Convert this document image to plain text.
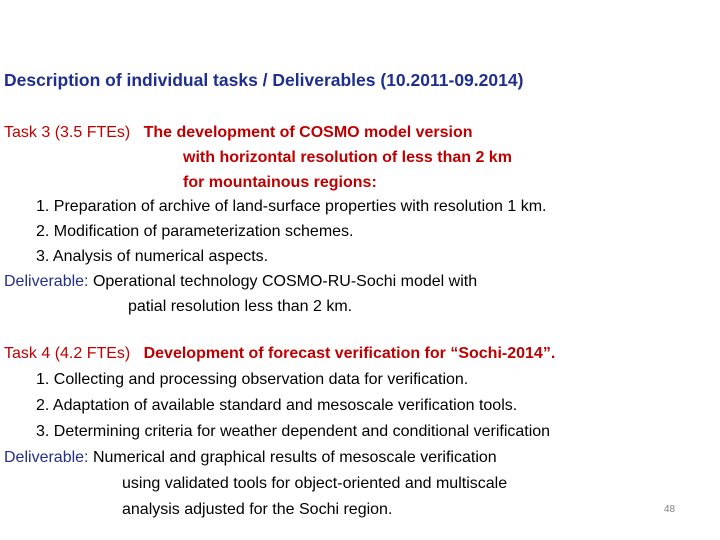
Description of individual tasks / Deliverables (10.2011-09.2014)
Task 3 (3.5 FTEs) The development of COSMO model version
with horizontal resolution of less than 2 km
for mountainous regions:
1. Preparation of archive of land-surface properties with resolution 1 km.
2. Modification of parameterization schemes.
3. Analysis of numerical aspects.
Deliverable: Operational technology COSMO-RU-Sochi model with
patial resolution less than 2 km.
Task 4 (4.2 FTEs) Development of forecast verification for “Sochi-2014”.
1. Collecting and processing observation data for verification.
2. Adaptation of available standard and mesoscale verification tools.
3. Determining criteria for weather dependent and conditional verification
Deliverable: Numerical and graphical results of mesoscale verification
using validated tools for object-oriented and multiscale
analysis adjusted for the Sochi region.	48
